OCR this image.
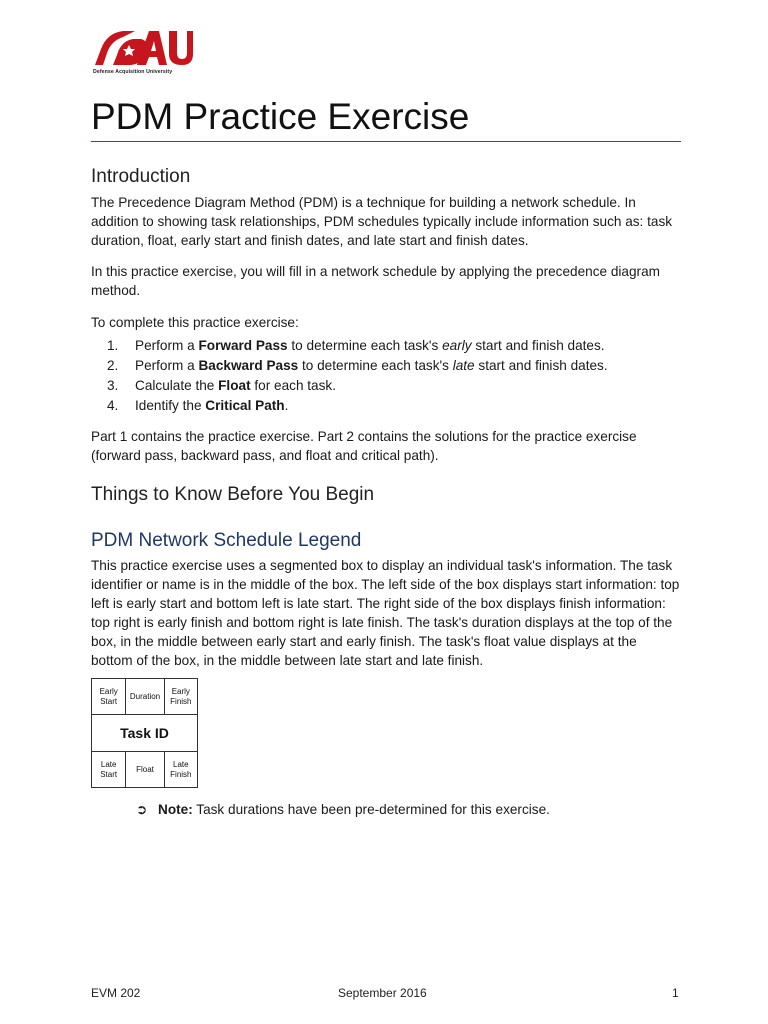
Defense Acquisition University
PDM Practice Exercise
Introduction

The Precedence Diagram Method (PDM) is a technique for building a network schedule. In addition to showing task relationships, PDM schedules typically include information such as: task duration, float, early start and finish dates, and late start and finish dates.

In this practice exercise, you will fill in a network schedule by applying the precedence diagram method.

To complete this practice exercise:

1. Perform a Forward Pass to determine each task's early start and finish dates.
2. Perform a Backward Pass to determine each task's late start and finish dates.
3. Calculate the Float for each task.
4. Identify the Critical Path.

Part 1 contains the practice exercise. Part 2 contains the solutions for the practice exercise (forward pass, backward pass, and float and critical path).

Things to Know Before You Begin
PDM Network Schedule Legend

This practice exercise uses a segmented box to display an individual task's information. The task identifier or name is in the middle of the box. The left side of the box displays start information: top left is early start and bottom left is late start. The right side of the box displays finish information: top right is early finish and bottom right is late finish. The task's duration displays at the top of the box, in the middle between early start and early finish. The task's float value displays at the bottom of the box, in the middle between late start and late finish.

Early Start
Duration
Early Finish
Task ID
Late Start
Float
Late Finish
➲ Note: Task durations have been pre-determined for this exercise.
EVM 202	September 2016	1
